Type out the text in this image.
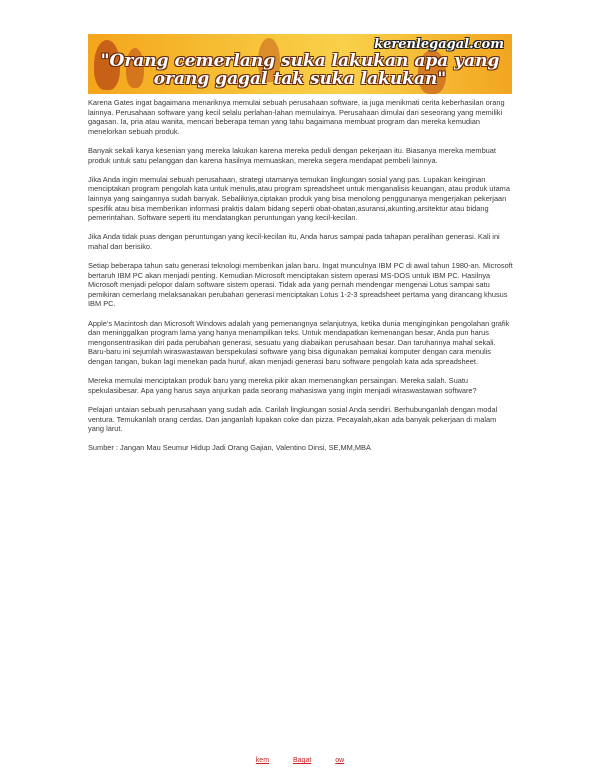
kerenlegagal.com
"Orang cemerlang suka lakukan apa yang
orang gagal tak suka lakukan"

Karena Gates ingat bagaimana menariknya memulai sebuah perusahaan software, ia juga menikmati cerita keberhasilan orang lainnya. Perusahaan software yang kecil selalu perlahan-lahan memulainya. Perusahaan dimulai dari seseorang yang memiliki gagasan. Ia, pria atau wanita, mencari beberapa teman yang tahu bagaimana membuat program dan mereka kemudian menelorkan sebuah produk.

Banyak sekali karya kesenian yang mereka lakukan karena mereka peduli dengan pekerjaan itu. Biasanya mereka membuat produk untuk satu pelanggan dan karena hasilnya memuaskan, mereka segera mendapat pembeli lainnya.

Jika Anda ingin memulai sebuah perusahaan, strategi utamanya temukan lingkungan sosial yang pas. Lupakan keinginan menciptakan program pengolah kata untuk menulis,atau program spreadsheet untuk menganalisis keuangan, atau produk utama lainnya yang saingannya sudah banyak. Sebaliknya,ciptakan produk yang bisa menolong penggunanya mengerjakan pekerjaan spesifik atau bisa memberikan informasi praktis dalam bidang seperti obat-obatan,asuransi,akunting,arsitektur atau bidang pemerintahan. Software seperti itu mendatangkan peruntungan yang kecil-kecilan.

Jika Anda tidak puas dengan peruntungan yang kecil-kecilan itu, Anda harus sampai pada tahapan peralihan generasi. Kali ini mahal dan berisiko.

Setiap beberapa tahun satu generasi teknologi memberikan jalan baru. Ingat munculnya IBM PC di awal tahun 1980-an. Microsoft bertaruh IBM PC akan menjadi penting. Kemudian Microsoft menciptakan sistem operasi MS-DOS untuk IBM PC. Hasilnya Microsoft menjadi pelopor dalam software sistem operasi. Tidak ada yang pernah mendengar mengenai Lotus sampai satu pemikiran cemerlang melaksanakan perubahan generasi menciptakan Lotus 1-2-3 spreadsheet pertama yang dirancang khusus IBM PC.

Apple's Macintosh dan Microsoft Windows adalah yang pemenangnya selanjutnya, ketika dunia menginginkan pengolahan grafik dan meninggalkan program lama yang hanya menampilkan teks. Untuk mendapatkan kemenangan besar, Anda pun harus mengonsentrasikan diri pada perubahan generasi, sesuatu yang diabaikan perusahaan besar. Dan taruhannya mahal sekali. Baru-baru ini sejumlah wiraswastawan berspekulasi software yang bisa digunakan pemakai komputer dengan cara menulis dengan tangan, bukan lagi menekan pada huruf, akan menjadi generasi baru software pengolah kata ada spreadsheet.

Mereka memulai menciptakan produk baru yang mereka pikir akan memenangkan persaingan. Mereka salah. Suatu spekulasibesar. Apa yang harus saya anjurkan pada seorang mahasiswa yang ingin menjadi wiraswastawan software?

Pelajari untaian sebuah perusahaan yang sudah ada. Carilah lingkungan sosial Anda sendiri. Berhubunganlah dengan modal ventura. Temukanlah orang cerdas. Dan janganlah lupakan coke dan pizza. Pecayalah,akan ada banyak pekerjaan di malam yang larut.

Sumber : Jangan Mau Seumur Hidup Jadi Orang Gajian, Valentino Dinsi, SE,MM,MBA

kem	Bagat	ow
